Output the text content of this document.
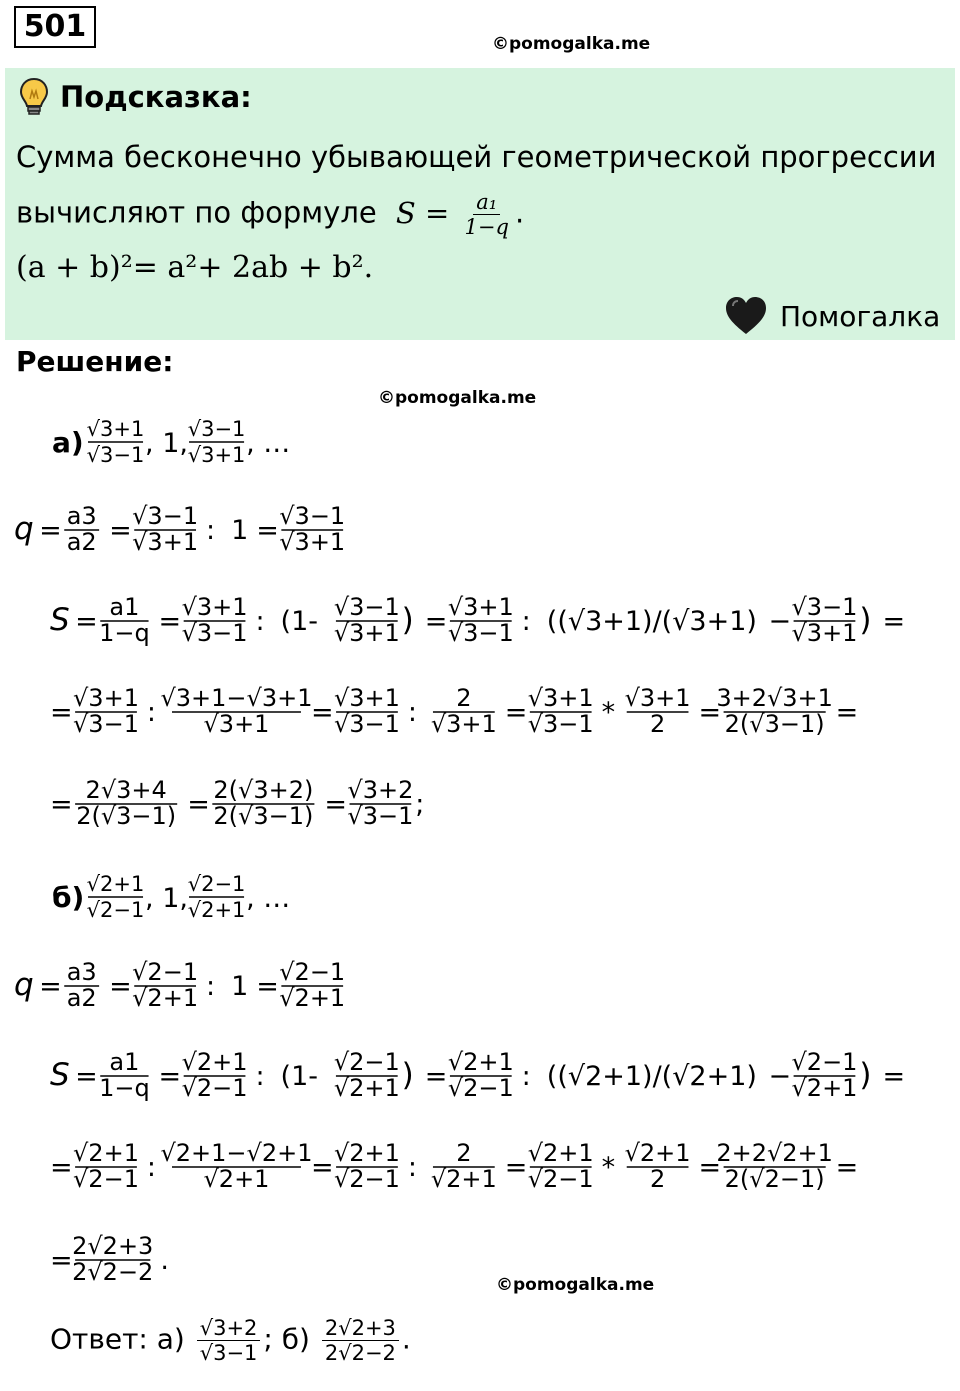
501	©pomogalka.me
Подсказка:
Сумма бесконечно убывающей геометрической прогрессии
вычисляют по формуле $S = \frac{\text{a₁}}{1-q}$ .
(a + b)²= a²+ 2ab + b².
Помогалка
Решение:
©pomogalka.me
а) √3+1
√3−1 , 1, √3−1
√3+1 , …
q = a3
a2 = √3−1
√3+1 : 1 = √3−1
√3+1
S = a1
1−q = √3+1
√3−1 : (1- √3−1
√3+1 ) = √3+1
√3−1 : ((√3+1)/(√3+1) − √3−1
√3+1 ) =
= √3+1
√3−1 : √3+1−√3+1
√3+1 = √3+1
√3−1 : 2
√3+1 = √3+1
√3−1 * √3+1
2 =
3+2√3+1
2(√3−1) =
= 2√3+4
2(√3−1) = 2(√3+2)
2(√3−1) = √3+2
√3−1 ;
б) √2+1
√2−1 , 1, √2−1
√2+1 , …
q = a3
a2 = √2−1
√2+1 : 1 = √2−1
√2+1
S = a1
1−q = √2+1
√2−1 : (1- √2−1
√2+1 ) = √2+1
√2−1 : ((√2+1)/(√2+1) − √2−1
√2+1 ) =
= √2+1
√2−1 : √2+1−√2+1
√2+1 = √2+1
√2−1 : 2
√2+1 = √2+1
√2−1 * √2+1
2 =
2+2√2+1
2(√2−1) =
= 2√2+3
2√2−2 .
©pomogalka.me
Ответ: $а) \frac{√3+2}{√3-1}$ ; $б) \frac{2√2+3}{2√2-2}$ .
